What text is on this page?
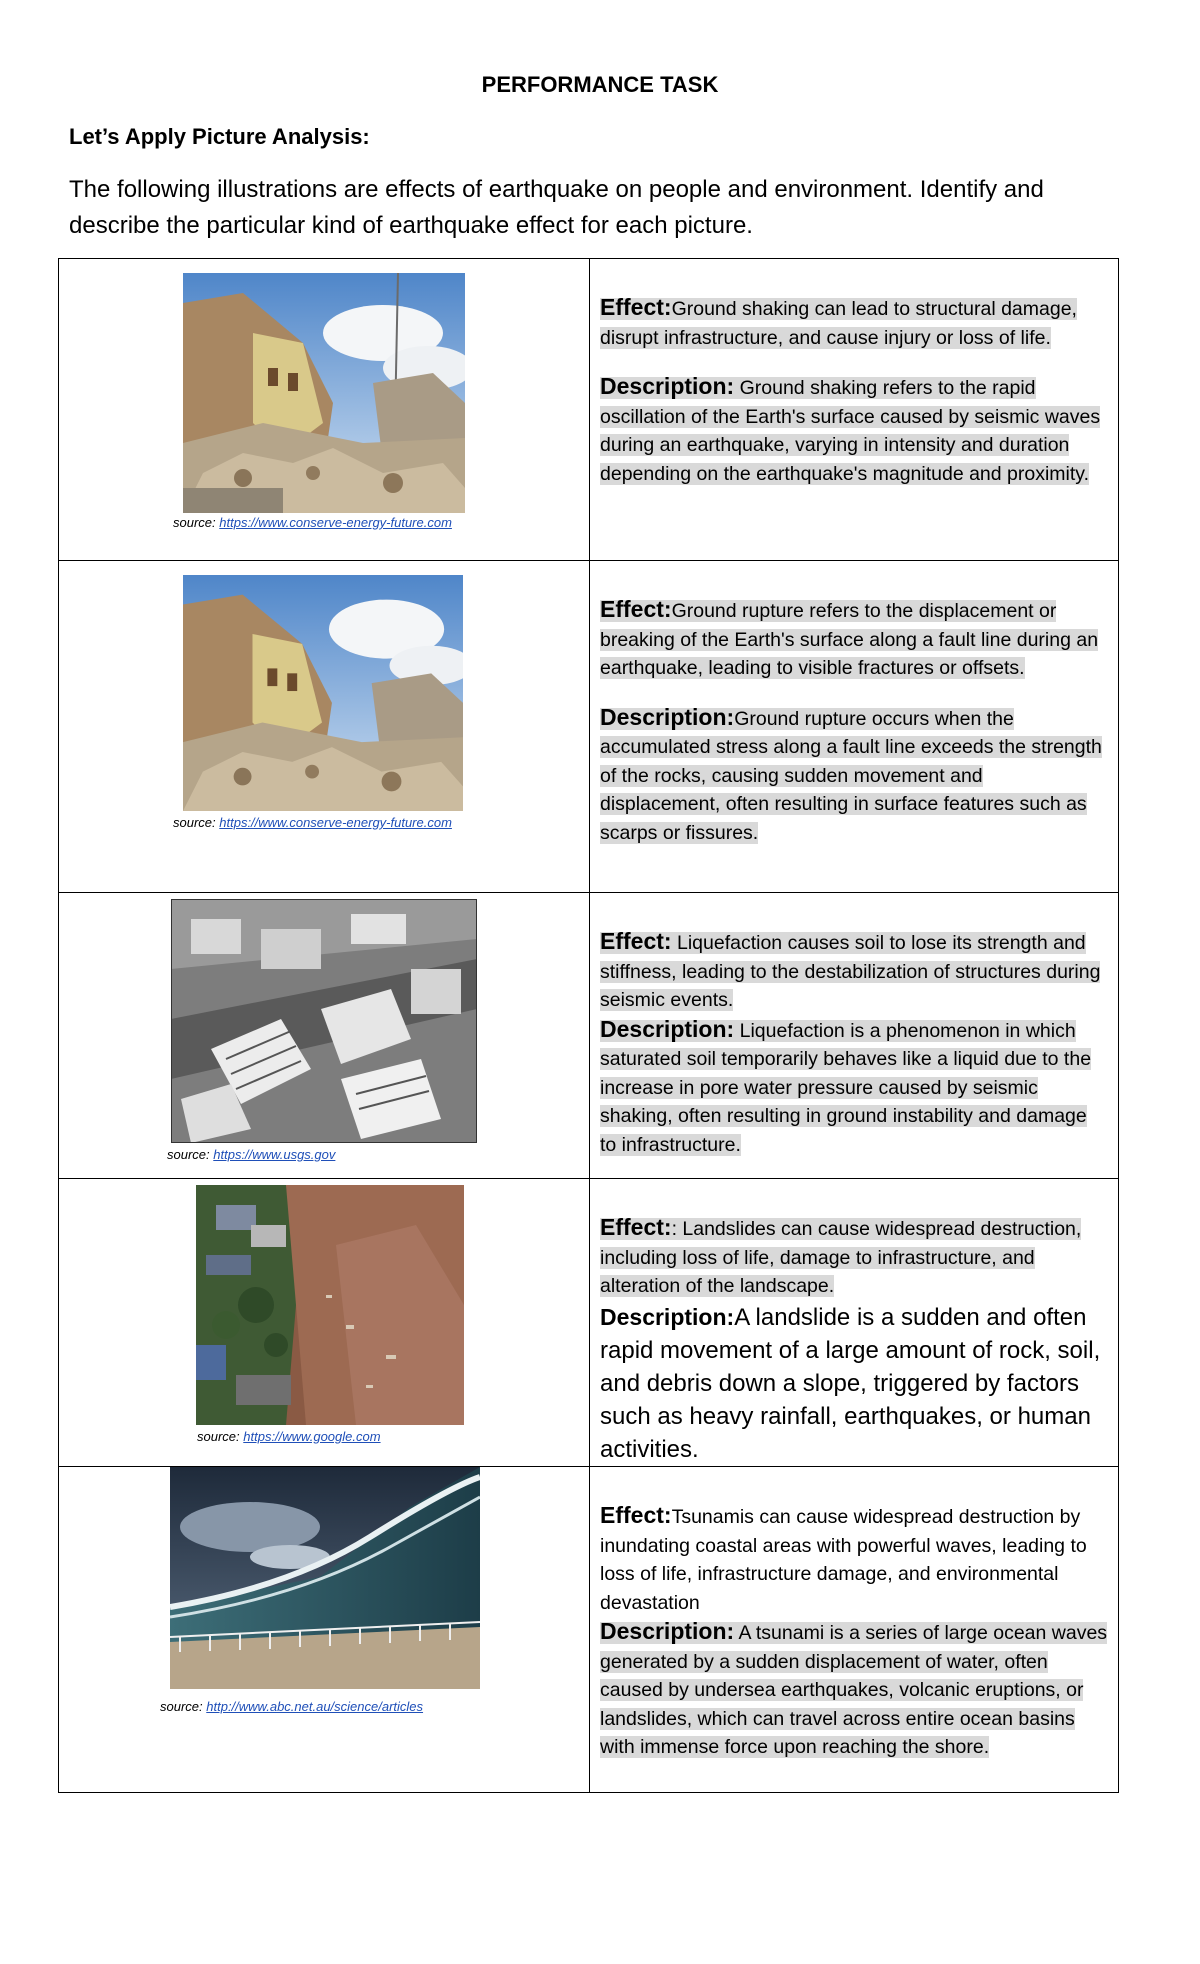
PERFORMANCE TASK
Let’s Apply Picture Analysis:
The following illustrations are effects of earthquake on people and environment. Identify and describe the particular kind of earthquake effect for each picture.
source: https://www.conserve-energy-future.com	Effect:Ground shaking can lead to structural damage, disrupt infrastructure, and cause injury or loss of life.
Description: Ground shaking refers to the rapid oscillation of the Earth's surface caused by seismic waves during an earthquake, varying in intensity and duration depending on the earthquake's magnitude and proximity.

source: https://www.conserve-energy-future.com	Effect:Ground rupture refers to the displacement or breaking of the Earth's surface along a fault line during an earthquake, leading to visible fractures or offsets.
Description:Ground rupture occurs when the accumulated stress along a fault line exceeds the strength of the rocks, causing sudden movement and displacement, often resulting in surface features such as scarps or fissures.

source: https://www.usgs.gov	Effect: Liquefaction causes soil to lose its strength and stiffness, leading to the destabilization of structures during seismic events.
Description: Liquefaction is a phenomenon in which saturated soil temporarily behaves like a liquid due to the increase in pore water pressure caused by seismic shaking, often resulting in ground instability and damage to infrastructure.

source: https://www.google.com	Effect:: Landslides can cause widespread destruction, including loss of life, damage to infrastructure, and alteration of the landscape.
Description:A landslide is a sudden and often rapid movement of a large amount of rock, soil, and debris down a slope, triggered by factors such as heavy rainfall, earthquakes, or human activities.

source: http://www.abc.net.au/science/articles	Effect:Tsunamis can cause widespread destruction by inundating coastal areas with powerful waves, leading to loss of life, infrastructure damage, and environmental devastation
Description: A tsunami is a series of large ocean waves generated by a sudden displacement of water, often caused by undersea earthquakes, volcanic eruptions, or landslides, which can travel across entire ocean basins with immense force upon reaching the shore.
